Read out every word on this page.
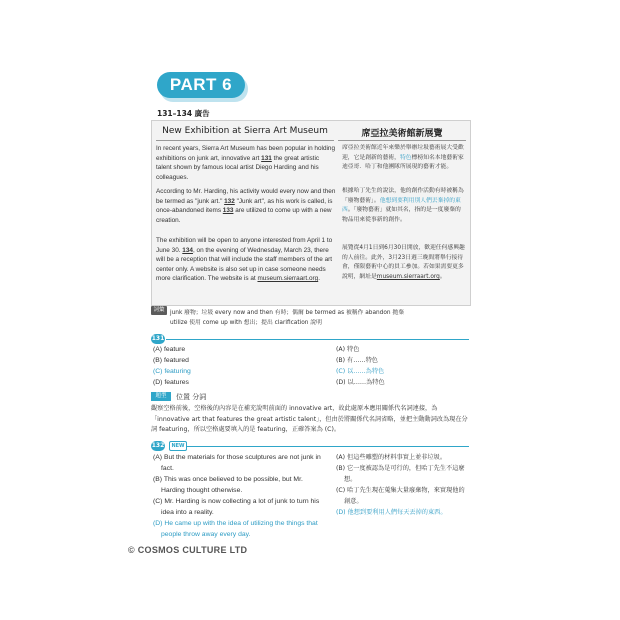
PART 6
131–134 廣告
New Exhibition at Sierra Art Museum	席亞拉美術館新展覽
In recent years, Sierra Art Museum has been popular in holding exhibitions on junk art, innovative art 131 the great artistic talent shown by famous local artist Diego Harding and his colleagues.
According to Mr. Harding, his activity would every now and then be termed as "junk art." 132 "Junk art", as his work is called, is once-abandoned items 133 are utilized to come up with a new creation.
The exhibition will be open to anyone interested from April 1 to June 30. 134, on the evening of Wednesday, March 23, there will be a reception that will include the staff members of the art center only. A website is also set up in case someone needs more clarification. The website is at museum.sierraart.org.
席亞拉美術館近年來樂於舉辦垃圾藝術展大受歡迎，它是創新的藝術，特色標榜知名本地藝術家迪亞哥．哈丁和他團隊所展現的藝術才能。
根據哈丁先生的說法，他的創作活動有時被稱為「廢物藝術」。他想到要利用別人們丟棄掉的東西。「廢物藝術」就如其名，指的是一度廢棄的物品用來從事新的創作。
展覽從4月1日到6月30日開放，歡迎任何感興趣的人前往。此外，3月23日週三晚間將舉行接待會，僅限藝術中心的員工參加。若如果需要更多說明，網址是museum.sierraart.org。
詞彙 junk 廢物；垃圾 every now and then 有時；偶爾 be termed as 被稱作 abandon 拋棄
utilize 使用 come up with 想出；提出 clarification 說明
131
(A) feature
(B) featured
(C) featuring
(D) features
(A) 特色
(B) 有……特色
(C) 以……為特色
(D) 以……為特色
題型	位置 分詞
觀察空格前後，空格後的內容是在補充說明前面的 innovative art，故此處原本應用關係代名詞連接，為「innovative art that features the great artistic talent」，但由於將關係代名詞省略，並把主動動詞改為現在分詞 featuring，所以空格處要填入的是 featuring，正確答案為 (C)。
132	NEW
(A) But the materials for those sculptures are not junk in fact.
(B) This was once believed to be possible, but Mr. Harding thought otherwise.
(C) Mr. Harding is now collecting a lot of junk to turn his idea into a reality.
(D) He came up with the idea of utilizing the things that people throw away every day.
(A) 但這些雕塑的材料事實上並非垃圾。
(B) 它一度被認為是可行的，但哈丁先生不這麼想。
(C) 哈丁先生現在蒐集大量廢棄物，來實現他的創意。
(D) 他想到要利用人們每天丟掉的東西。
© COSMOS CULTURE LTD
